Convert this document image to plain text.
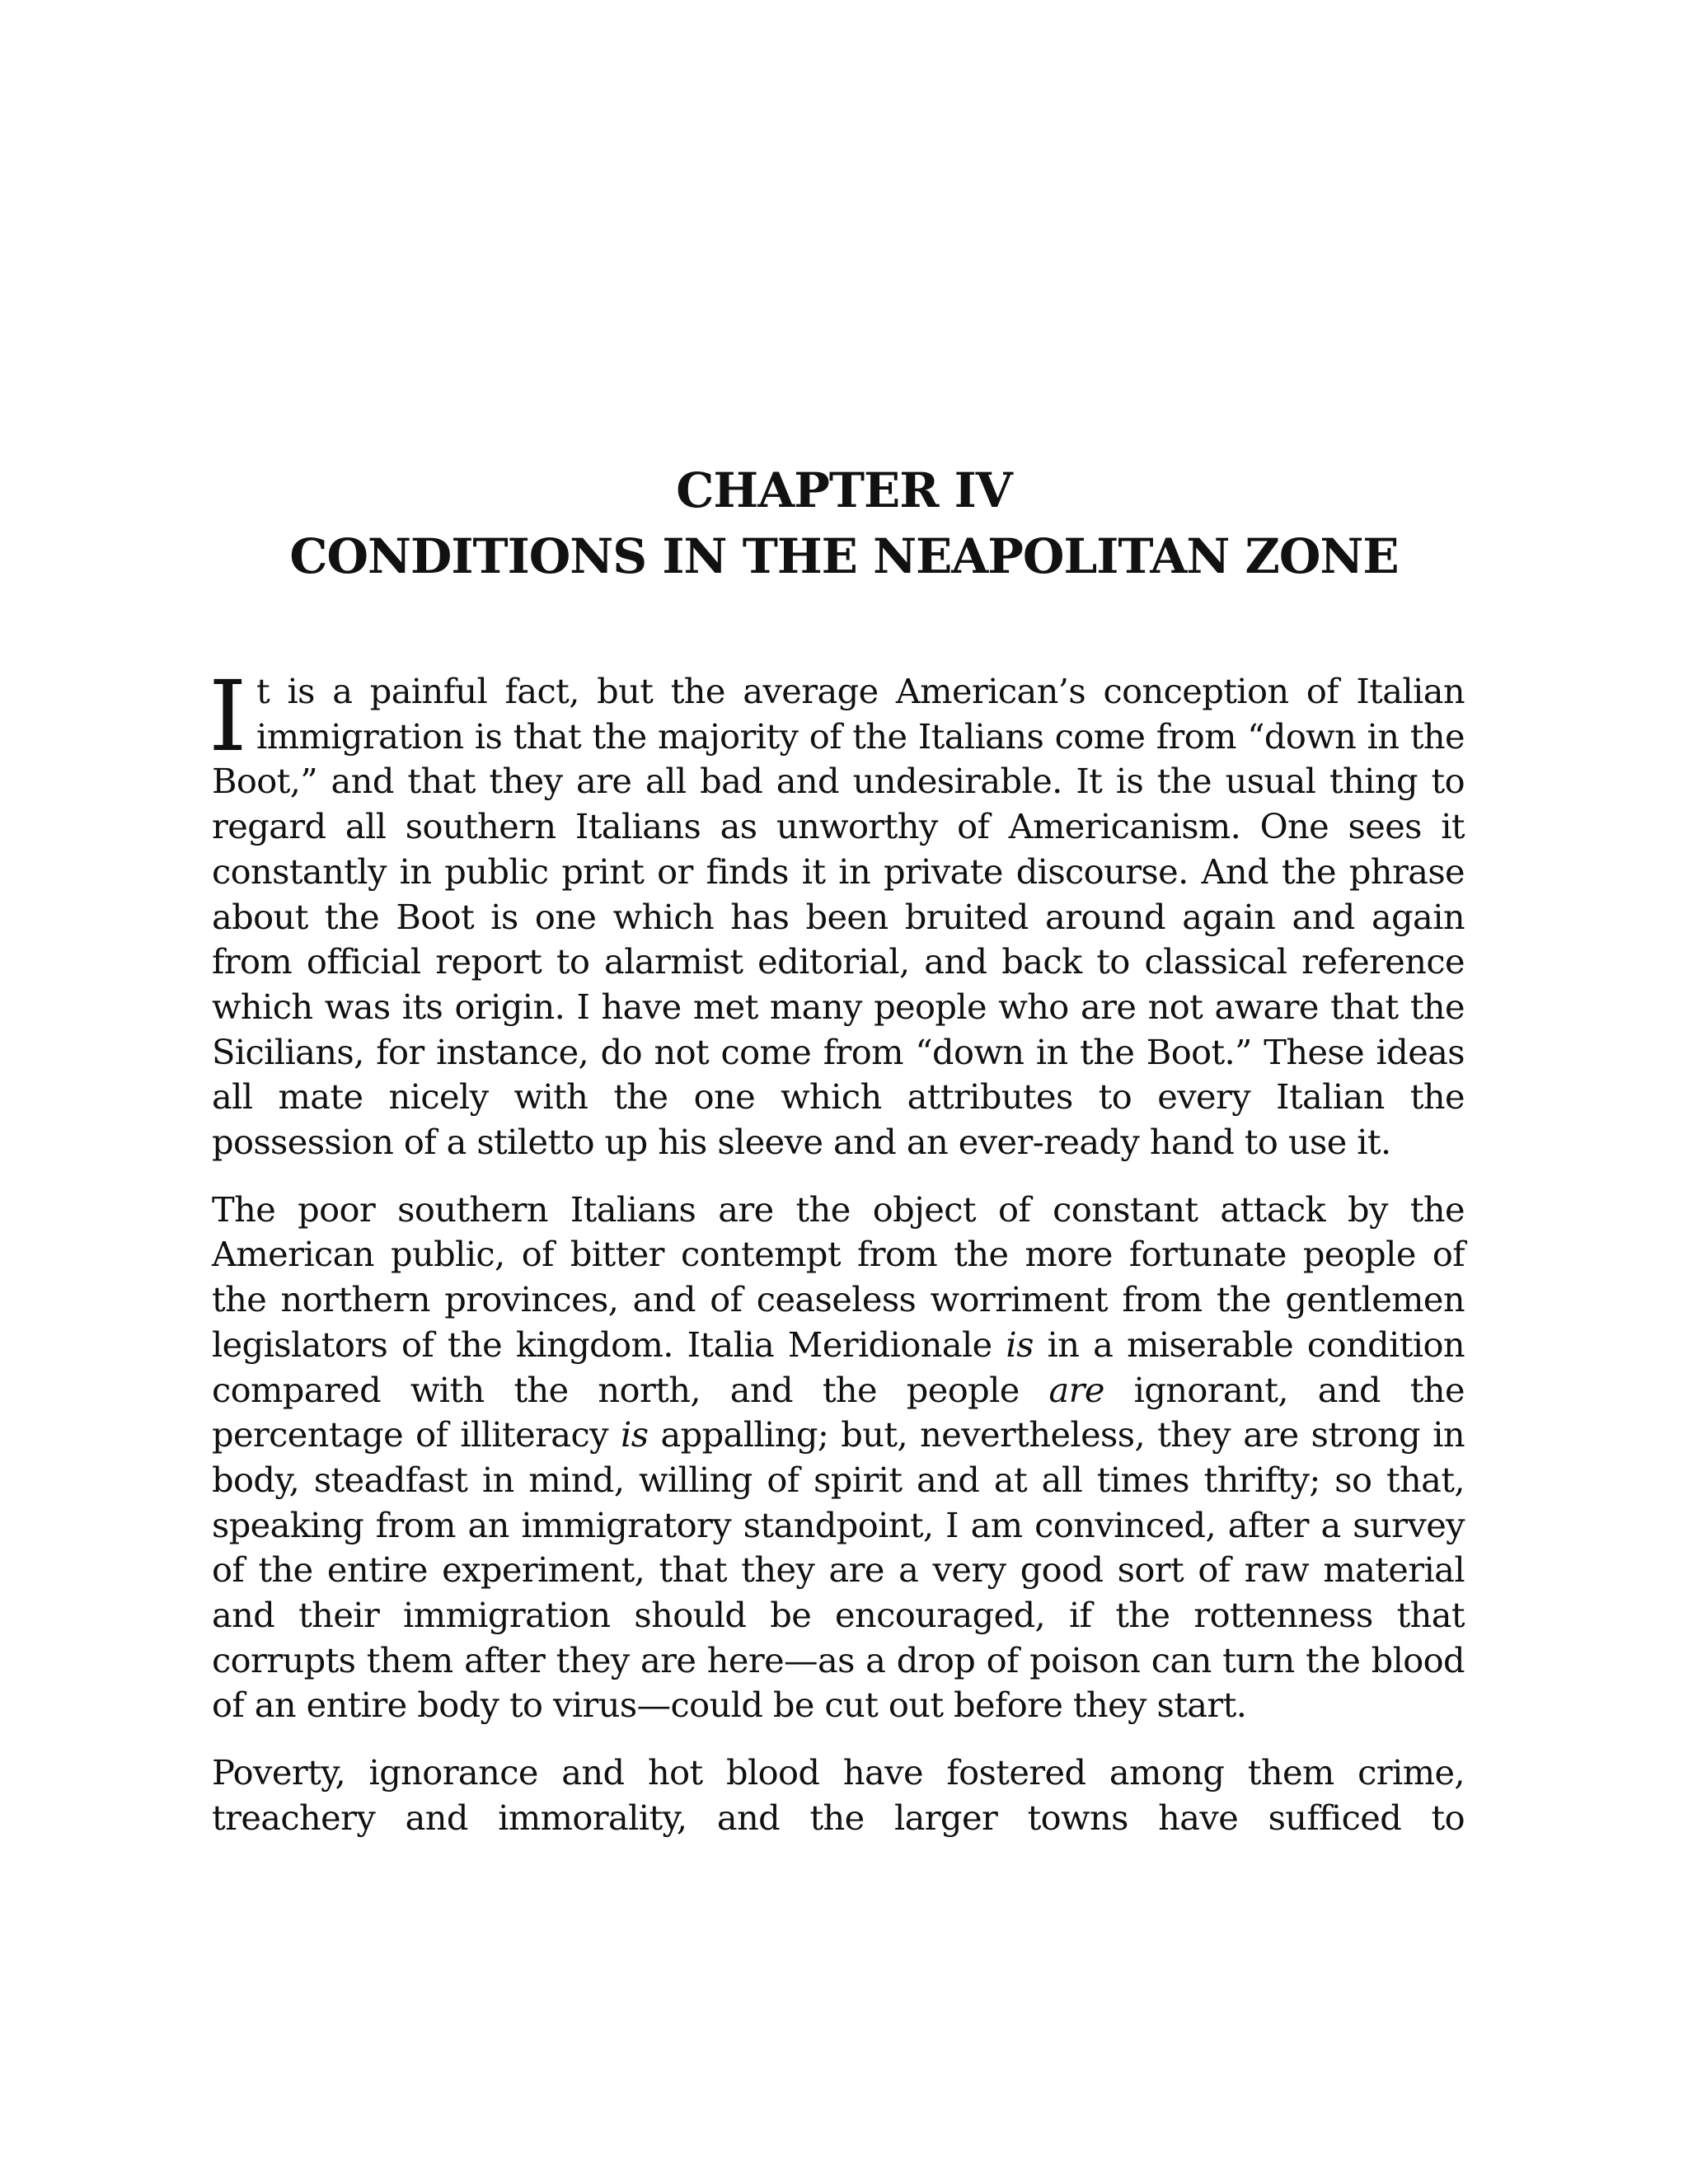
CHAPTER IV
CONDITIONS IN THE NEAPOLITAN ZONE

It is a painful fact, but the average American’s conception of Italian immigration is that the majority of the Italians come from “down in the Boot,” and that they are all bad and undesirable. It is the usual thing to regard all southern Italians as unworthy of Americanism. One sees it constantly in public print or finds it in private discourse. And the phrase about the Boot is one which has been bruited around again and again from official report to alarmist editorial, and back to classical reference which was its origin. I have met many people who are not aware that the Sicilians, for instance, do not come from “down in the Boot.” These ideas all mate nicely with the one which attributes to every Italian the possession of a stiletto up his sleeve and an ever-ready hand to use it.

The poor southern Italians are the object of constant attack by the American public, of bitter contempt from the more fortunate people of the northern provinces, and of ceaseless worriment from the gentlemen legislators of the kingdom. Italia Meridionale is in a miserable condition compared with the north, and the people are ignorant, and the percentage of illiteracy is appalling; but, nevertheless, they are strong in body, steadfast in mind, willing of spirit and at all times thrifty; so that, speaking from an immigratory standpoint, I am convinced, after a survey of the entire experiment, that they are a very good sort of raw material and their immigration should be encouraged, if the rottenness that corrupts them after they are here—as a drop of poison can turn the blood of an entire body to virus—could be cut out before they start.

Poverty, ignorance and hot blood have fostered among them crime, treachery and immorality, and the larger towns have sufficed to
